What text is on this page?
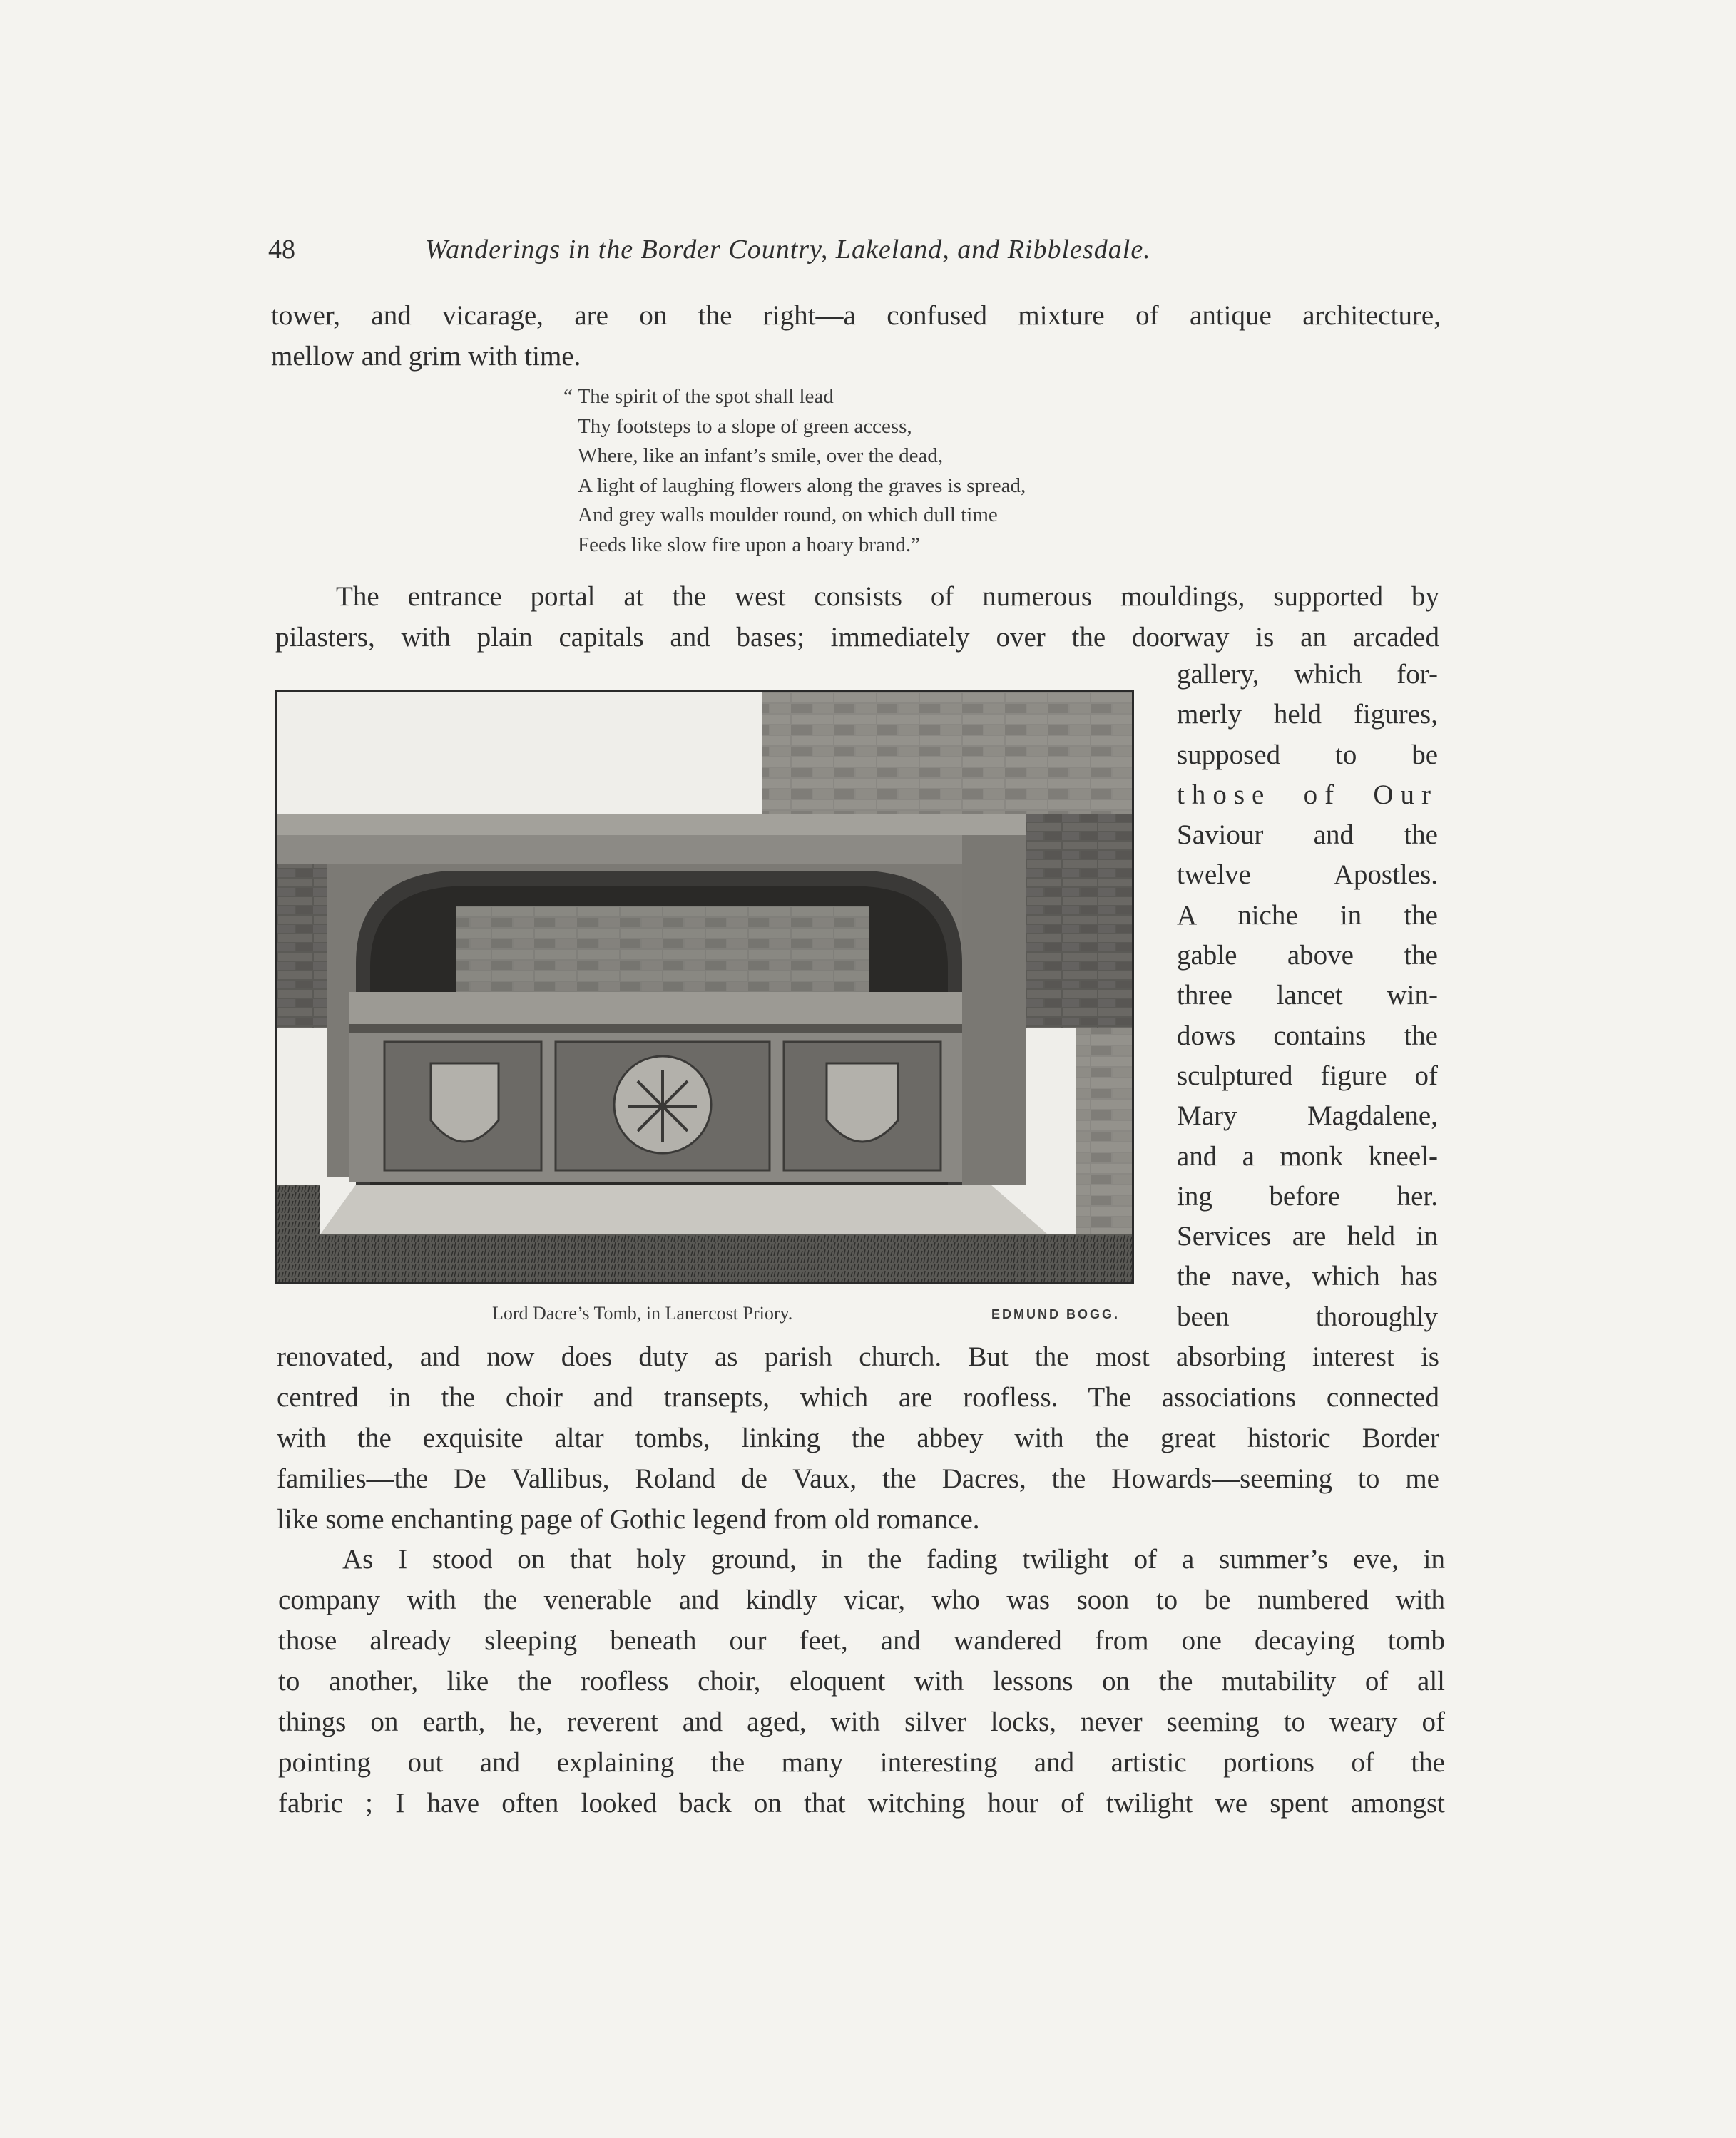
48	Wanderings in the Border Country, Lakeland, and Ribblesdale.
tower, and vicarage, are on the right—a confused mixture of antique architecture,
mellow and grim with time.
“ The spirit of the spot shall lead
Thy footsteps to a slope of green access,
Where, like an infant’s smile, over the dead,
A light of laughing flowers along the graves is spread,
And grey walls moulder round, on which dull time
Feeds like slow fire upon a hoary brand.”
The entrance portal at the west consists of numerous mouldings, supported by
pilasters, with plain capitals and bases; immediately over the doorway is an arcaded
gallery, which for-
merly held figures,
supposed to be
those of Our
Saviour and the
twelve Apostles.
A niche in the
gable above the
three lancet win-
dows contains the
sculptured figure of
Mary Magdalene,
and a monk kneel-
ing before her.
Services are held in
the nave, which has
been thoroughly
Lord Dacre’s Tomb, in Lanercost Priory.	EDMUND BOGG.
renovated, and now does duty as parish church. But the most absorbing interest is
centred in the choir and transepts, which are roofless. The associations connected
with the exquisite altar tombs, linking the abbey with the great historic Border
families—the De Vallibus, Roland de Vaux, the Dacres, the Howards—seeming to me
like some enchanting page of Gothic legend from old romance.
As I stood on that holy ground, in the fading twilight of a summer’s eve, in
company with the venerable and kindly vicar, who was soon to be numbered with
those already sleeping beneath our feet, and wandered from one decaying tomb
to another, like the roofless choir, eloquent with lessons on the mutability of all
things on earth, he, reverent and aged, with silver locks, never seeming to weary of
pointing out and explaining the many interesting and artistic portions of the
fabric ; I have often looked back on that witching hour of twilight we spent amongst
